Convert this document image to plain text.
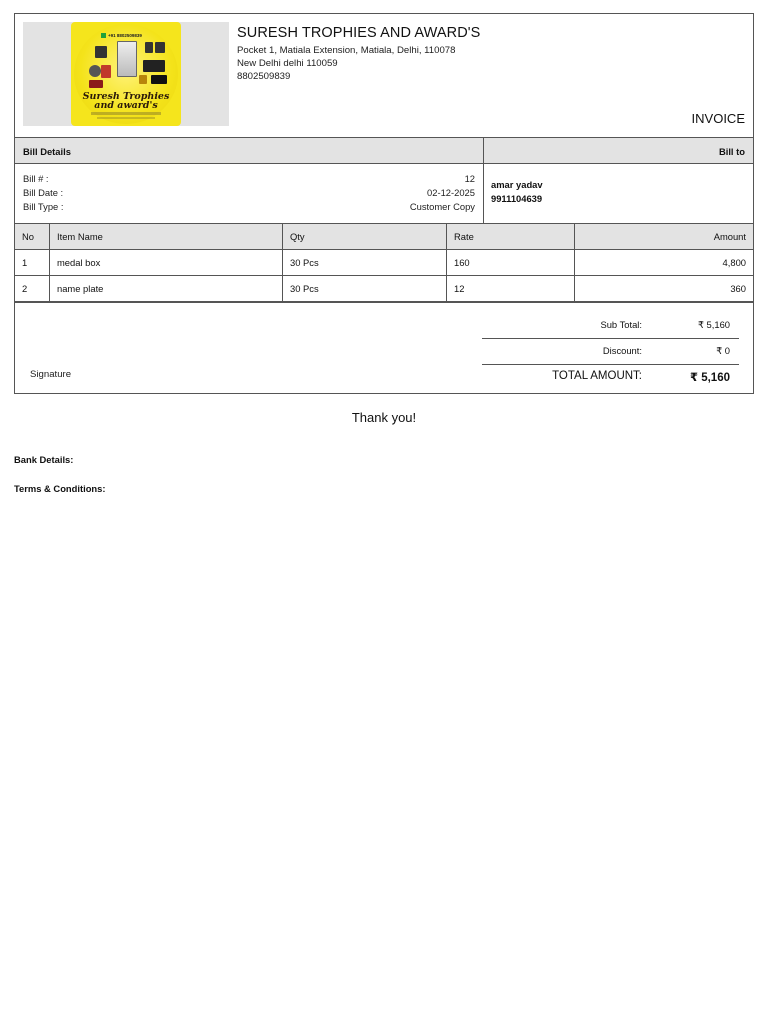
+91 8802509839
Suresh Trophies
and award's
SURESH TROPHIES AND AWARD'S
Pocket 1, Matiala Extension, Matiala, Delhi, 110078
New Delhi delhi 110059
8802509839
INVOICE
Bill Details	Bill to
Bill # :	12
Bill Date :	02-12-2025
Bill Type :	Customer Copy
amar yadav
9911104639
No	Item Name	Qty	Rate	Amount
1	medal box	30 Pcs	160	4,800
2	name plate	30 Pcs	12	360
Signature
Sub Total:	₹ 5,160
Discount:	₹ 0
TOTAL AMOUNT:	₹ 5,160
Thank you!
Bank Details:
Terms & Conditions:
